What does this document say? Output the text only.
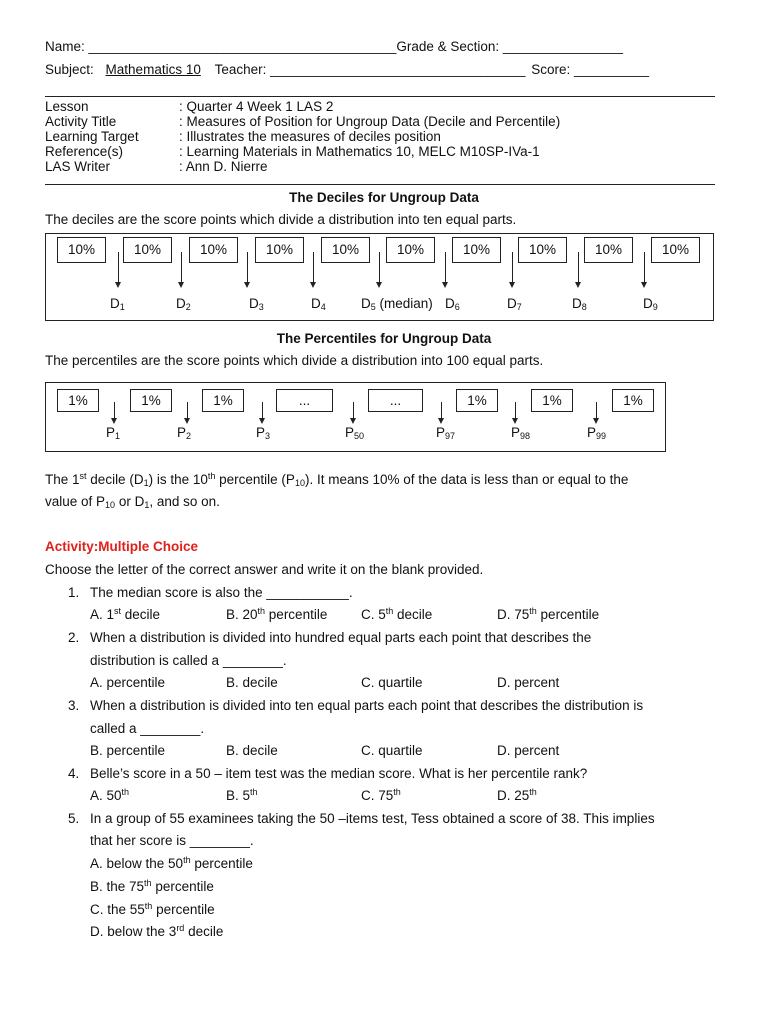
Name: _________________________________________Grade & Section: ________________
Subject: Mathematics 10 Teacher: __________________________________ Score: __________
Lesson	: Quarter 4 Week 1 LAS 2
Activity Title	: Measures of Position for Ungroup Data (Decile and Percentile)
Learning Target	: Illustrates the measures of deciles position
Reference(s)	: Learning Materials in Mathematics 10, MELC M10SP-IVa-1
LAS Writer	: Ann D. Nierre
The Deciles for Ungroup Data
The deciles are the score points which divide a distribution into ten equal parts.
10%	10%	10%	10%	10%	10%	10%	10%	10%	10%
$D_1$	$D_2$	$D_3$	$D_4$	$D_5$ (median) $D_6$	$D_7$	$D_8$	$D_9$
The Percentiles for Ungroup Data
The percentiles are the score points which divide a distribution into 100 equal parts.
1%	1%	1%	...	...	1%	1%	1%
$P_1$	$P_2$	$P_3$	$P_{50}$	$P_{97}$	$P_{98}$	$P_{99}$
The 1st decile $(D_1)$ is the 10th percentile $(P_{10})$. It means 10% of the data is less than or equal to the
value of $P_{10}$ or $D_1$, and so on.
Activity:Multiple Choice
Choose the letter of the correct answer and write it on the blank provided.
1. The median score is also the ___________.
A. 1st decile	B. 20th percentile C. 5th decile	D. 75th percentile
2. When a distribution is divided into hundred equal parts each point that describes the
distribution is called a ________.
A. percentile	B. decile	C. quartile	D. percent
3. When a distribution is divided into ten equal parts each point that describes the distribution is
called a ________.
B. percentile	B. decile	C. quartile	D. percent
4. Belle’s score in a 50 – item test was the median score. What is her percentile rank?
A. 50th	B. 5th	C. 75th	D. 25th
5. In a group of 55 examinees taking the 50 –items test, Tess obtained a score of 38. This implies
that her score is ________.
A. below the 50th percentile
B. the 75th percentile
C. the 55th percentile
D. below the 3rd decile
